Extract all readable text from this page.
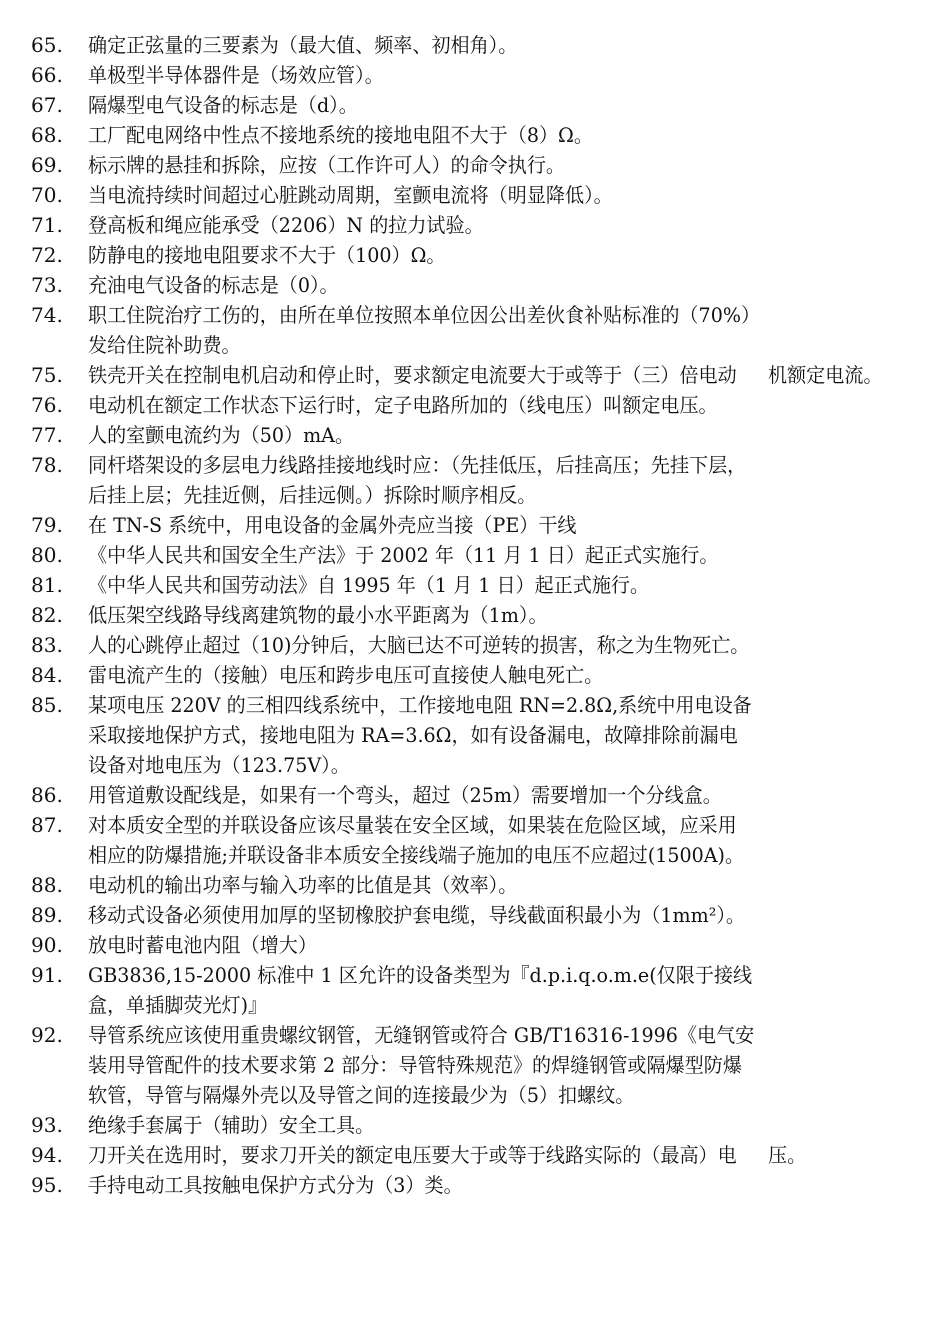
65.	确定正弦量的三要素为（最大值、频率、初相角）。
66.	单极型半导体器件是（场效应管）。
67.	隔爆型电气设备的标志是（d）。
68.	工厂配电网络中性点不接地系统的接地电阻不大于（8）Ω。
69.	标示牌的悬挂和拆除，应按（工作许可人）的命令执行。
70.	当电流持续时间超过心脏跳动周期，室颤电流将（明显降低）。
71.	登高板和绳应能承受（2206）N 的拉力试验。
72.	防静电的接地电阻要求不大于（100）Ω。
73.	充油电气设备的标志是（0）。
74.	职工住院治疗工伤的，由所在单位按照本单位因公出差伙食补贴标准的（70%）发给住院补助费。
75.	铁壳开关在控制电机启动和停止时，要求额定电流要大于或等于（三）倍电动 机额定电流。
76.	电动机在额定工作状态下运行时，定子电路所加的（线电压）叫额定电压。
77.	人的室颤电流约为（50）mA。
78.	同杆塔架设的多层电力线路挂接地线时应：（先挂低压，后挂高压；先挂下层，后挂上层；先挂近侧，后挂远侧。）拆除时顺序相反。
79.	在 TN-S 系统中，用电设备的金属外壳应当接（PE）干线
80.	《中华人民共和国安全生产法》于 2002 年（11 月 1 日）起正式实施行。
81.	《中华人民共和国劳动法》自 1995 年（1 月 1 日）起正式施行。
82.	低压架空线路导线离建筑物的最小水平距离为（1m）。
83.	人的心跳停止超过（10)分钟后，大脑已达不可逆转的损害，称之为生物死亡。
84.	雷电流产生的（接触）电压和跨步电压可直接使人触电死亡。
85.	某项电压 220V 的三相四线系统中，工作接地电阻 RN=2.8Ω,系统中用电设备采取接地保护方式，接地电阻为 RA=3.6Ω，如有设备漏电，故障排除前漏电设备对地电压为（123.75V）。
86.	用管道敷设配线是，如果有一个弯头，超过（25m）需要增加一个分线盒。
87.	对本质安全型的并联设备应该尽量装在安全区域，如果装在危险区域，应采用相应的防爆措施;并联设备非本质安全接线端子施加的电压不应超过(1500A)。
88.	电动机的输出功率与输入功率的比值是其（效率）。
89.	移动式设备必须使用加厚的坚韧橡胶护套电缆，导线截面积最小为（1mm²）。
90.	放电时蓄电池内阻（增大）
91.	GB3836,15-2000 标准中 1 区允许的设备类型为『d.p.i.q.o.m.e(仅限于接线盒，单插脚荧光灯)』
92.	导管系统应该使用重贵螺纹钢管，无缝钢管或符合 GB/T16316-1996《电气安装用导管配件的技术要求第 2 部分：导管特殊规范》的焊缝钢管或隔爆型防爆软管，导管与隔爆外壳以及导管之间的连接最少为（5）扣螺纹。
93.	绝缘手套属于（辅助）安全工具。
94.	刀开关在选用时，要求刀开关的额定电压要大于或等于线路实际的（最高）电 压。
95.	手持电动工具按触电保护方式分为（3）类。
